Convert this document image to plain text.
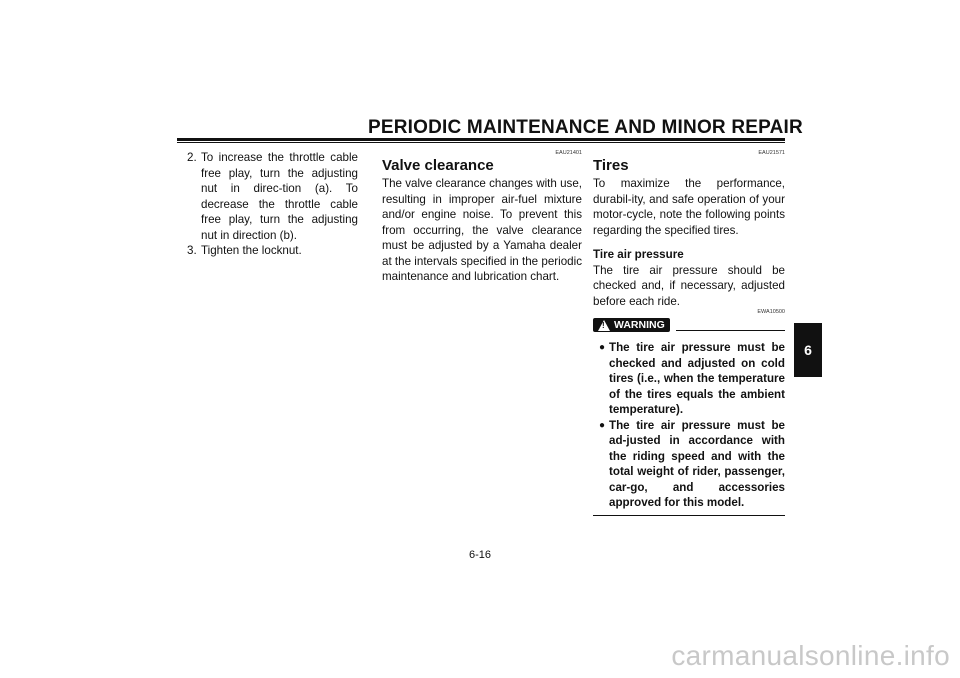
PERIODIC MAINTENANCE AND MINOR REPAIR
2. To increase the throttle cable free play, turn the adjusting nut in direc-tion (a). To decrease the throttle cable free play, turn the adjusting nut in direction (b).
3. Tighten the locknut.
EAU21401
Valve clearance
The valve clearance changes with use, resulting in improper air-fuel mixture and/or engine noise. To prevent this from occurring, the valve clearance must be adjusted by a Yamaha dealer at the intervals specified in the periodic maintenance and lubrication chart.
EAU21571
Tires
To maximize the performance, durabil-ity, and safe operation of your motor-cycle, note the following points regarding the specified tires.
Tire air pressure
The tire air pressure should be checked and, if necessary, adjusted before each ride.
EWA10500
! WARNING
● The tire air pressure must be checked and adjusted on cold tires (i.e., when the temperature of the tires equals the ambient temperature).
● The tire air pressure must be ad-justed in accordance with the riding speed and with the total weight of rider, passenger, car-go, and accessories approved for this model.
6
6-16
carmanualsonline.info
